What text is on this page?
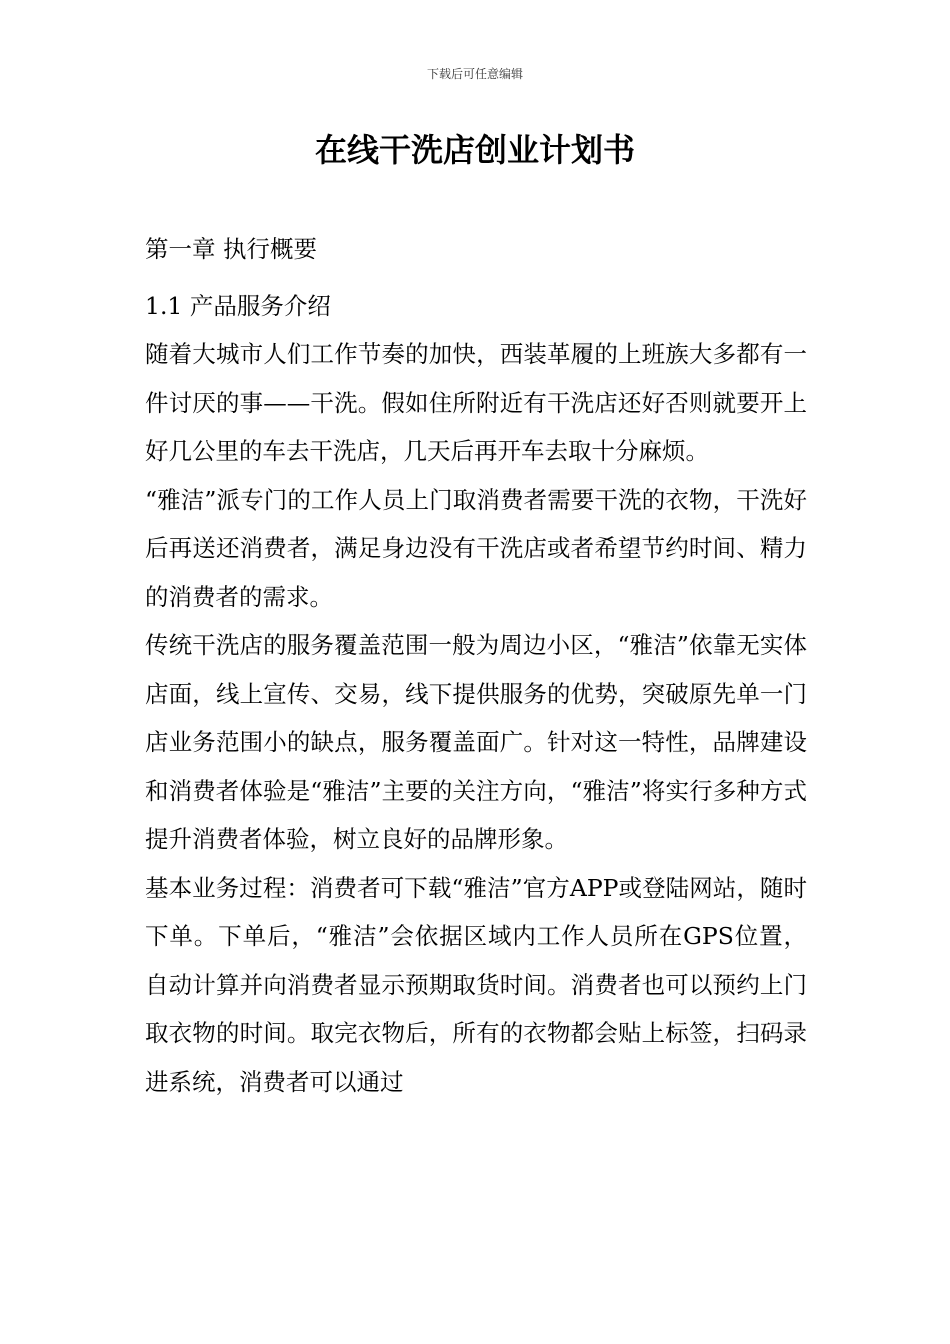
下载后可任意编辑
在线干洗店创业计划书

第一章 执行概要

1.1 产品服务介绍

随着大城市人们工作节奏的加快，西装革履的上班族大多都有一件讨厌的事——干洗。假如住所附近有干洗店还好否则就要开上好几公里的车去干洗店，几天后再开车去取十分麻烦。

“雅洁”派专门的工作人员上门取消费者需要干洗的衣物，干洗好后再送还消费者，满足身边没有干洗店或者希望节约时间、精力的消费者的需求。

传统干洗店的服务覆盖范围一般为周边小区，“雅洁”依靠无实体店面，线上宣传、交易，线下提供服务的优势，突破原先单一门店业务范围小的缺点，服务覆盖面广。针对这一特性，品牌建设和消费者体验是“雅洁”主要的关注方向，“雅洁”将实行多种方式提升消费者体验，树立良好的品牌形象。

基本业务过程：消费者可下载“雅洁”官方APP或登陆网站，随时下单。下单后，“雅洁”会依据区域内工作人员所在GPS位置，自动计算并向消费者显示预期取货时间。消费者也可以预约上门取衣物的时间。取完衣物后，所有的衣物都会贴上标签，扫码录进系统，消费者可以通过
